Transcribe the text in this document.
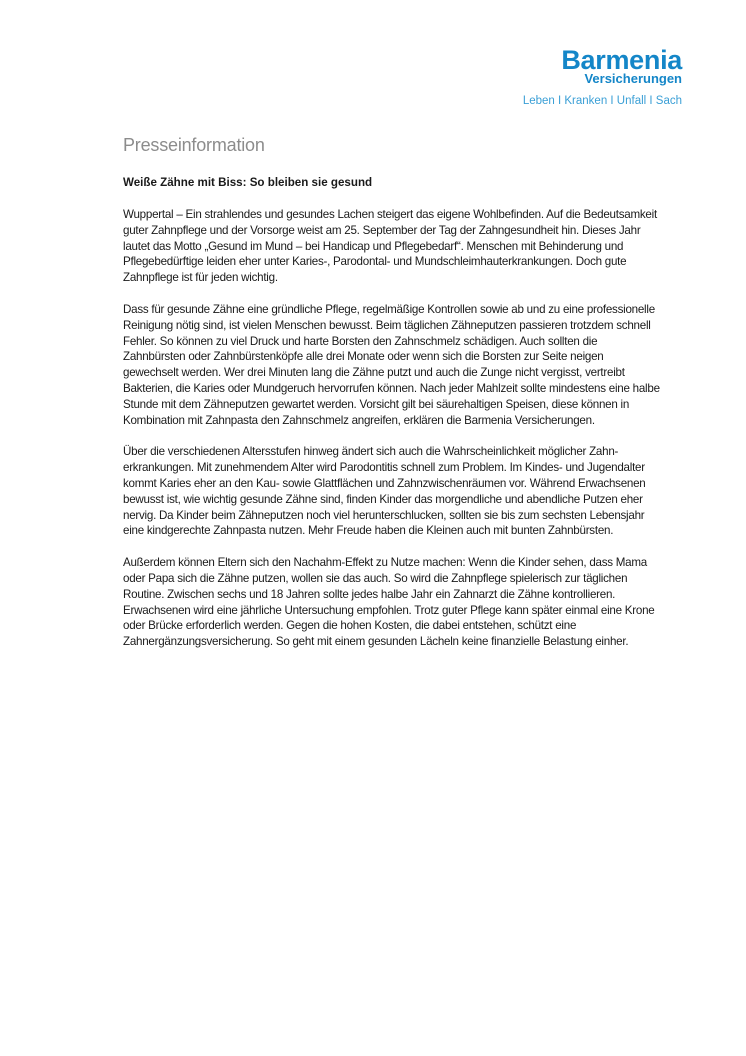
Barmenia
Versicherungen
Leben I Kranken I Unfall I Sach
Presseinformation
Weiße Zähne mit Biss: So bleiben sie gesund

Wuppertal – Ein strahlendes und gesundes Lachen steigert das eigene Wohlbefinden. Auf die Bedeutsamkeit
guter Zahnpflege und der Vorsorge weist am 25. September der Tag der Zahngesundheit hin. Dieses Jahr
lautet das Motto „Gesund im Mund – bei Handicap und Pflegebedarf“. Menschen mit Behinderung und
Pflegebedürftige leiden eher unter Karies-, Parodontal- und Mundschleimhauterkrankungen. Doch gute
Zahnpflege ist für jeden wichtig.

Dass für gesunde Zähne eine gründliche Pflege, regelmäßige Kontrollen sowie ab und zu eine professionelle
Reinigung nötig sind, ist vielen Menschen bewusst. Beim täglichen Zähneputzen passieren trotzdem schnell
Fehler. So können zu viel Druck und harte Borsten den Zahnschmelz schädigen. Auch sollten die
Zahnbürsten oder Zahnbürstenköpfe alle drei Monate oder wenn sich die Borsten zur Seite neigen
gewechselt werden. Wer drei Minuten lang die Zähne putzt und auch die Zunge nicht vergisst, vertreibt
Bakterien, die Karies oder Mundgeruch hervorrufen können. Nach jeder Mahlzeit sollte mindestens eine halbe
Stunde mit dem Zähneputzen gewartet werden. Vorsicht gilt bei säurehaltigen Speisen, diese können in
Kombination mit Zahnpasta den Zahnschmelz angreifen, erklären die Barmenia Versicherungen.

Über die verschiedenen Altersstufen hinweg ändert sich auch die Wahrscheinlichkeit möglicher Zahn-
erkrankungen. Mit zunehmendem Alter wird Parodontitis schnell zum Problem. Im Kindes- und Jugendalter
kommt Karies eher an den Kau- sowie Glattflächen und Zahnzwischenräumen vor. Während Erwachsenen
bewusst ist, wie wichtig gesunde Zähne sind, finden Kinder das morgendliche und abendliche Putzen eher
nervig. Da Kinder beim Zähneputzen noch viel herunterschlucken, sollten sie bis zum sechsten Lebensjahr
eine kindgerechte Zahnpasta nutzen. Mehr Freude haben die Kleinen auch mit bunten Zahnbürsten.

Außerdem können Eltern sich den Nachahm-Effekt zu Nutze machen: Wenn die Kinder sehen, dass Mama
oder Papa sich die Zähne putzen, wollen sie das auch. So wird die Zahnpflege spielerisch zur täglichen
Routine. Zwischen sechs und 18 Jahren sollte jedes halbe Jahr ein Zahnarzt die Zähne kontrollieren.
Erwachsenen wird eine jährliche Untersuchung empfohlen. Trotz guter Pflege kann später einmal eine Krone
oder Brücke erforderlich werden. Gegen die hohen Kosten, die dabei entstehen, schützt eine
Zahnergänzungsversicherung. So geht mit einem gesunden Lächeln keine finanzielle Belastung einher.
